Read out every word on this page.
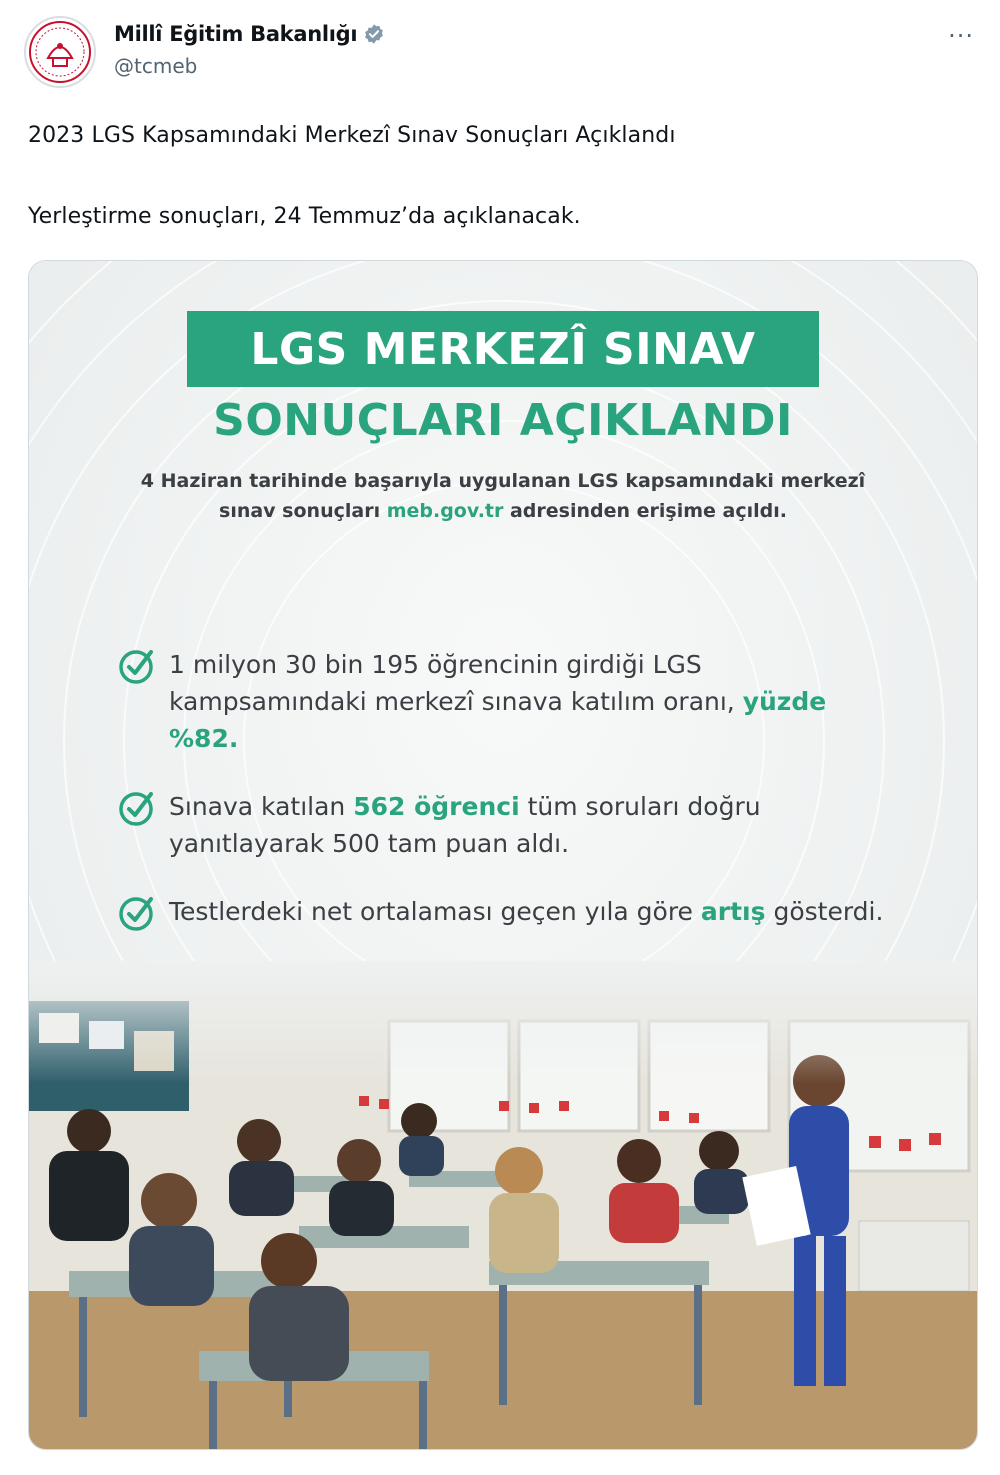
Millî Eğitim Bakanlığı
@tcmeb
···
2023 LGS Kapsamındaki Merkezî Sınav Sonuçları Açıklandı
Yerleştirme sonuçları, 24 Temmuz’da açıklanacak.
LGS MERKEZÎ SINAV
SONUÇLARI AÇIKLANDI
4 Haziran tarihinde başarıyla uygulanan LGS kapsamındaki merkezî
sınav sonuçları meb.gov.tr adresinden erişime açıldı.
1 milyon 30 bin 195 öğrencinin girdiği LGS kampsamındaki merkezî sınava katılım oranı, yüzde %82.
Sınava katılan 562 öğrenci tüm soruları doğru yanıtlayarak 500 tam puan aldı.
Testlerdeki net ortalaması geçen yıla göre artış gösterdi.
